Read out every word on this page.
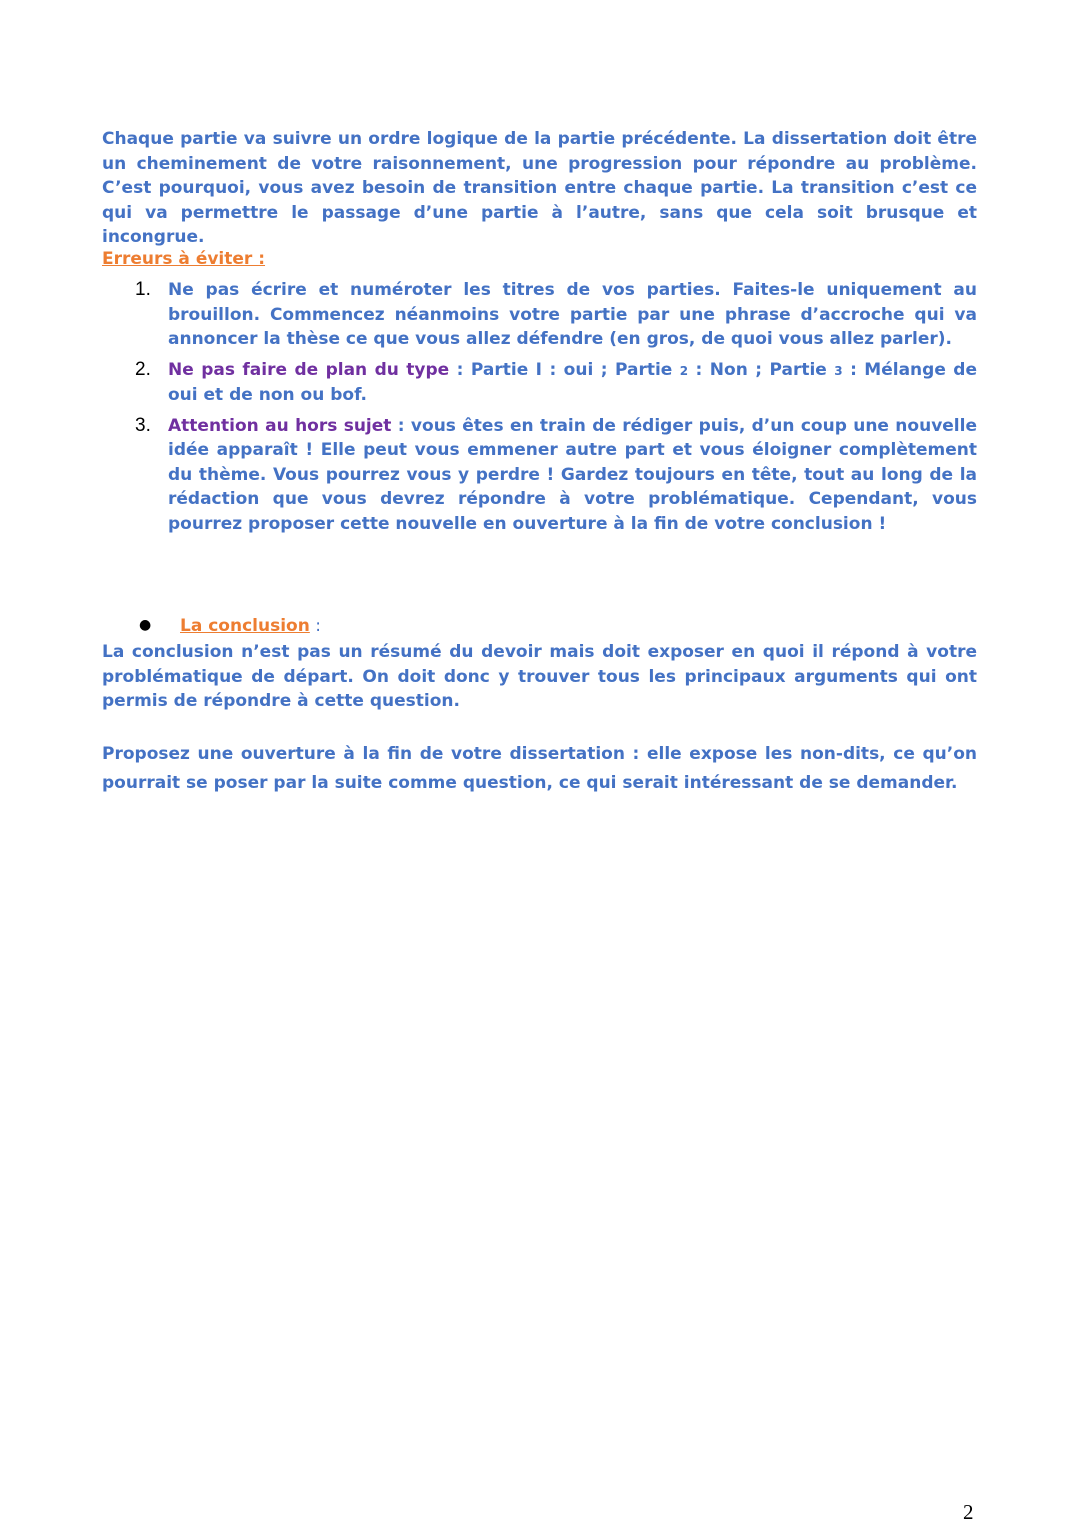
Chaque partie va suivre un ordre logique de la partie précédente. La dissertation doit être un cheminement de votre raisonnement, une progression pour répondre au problème. C’est pourquoi, vous avez besoin de transition entre chaque partie. La transition c’est ce qui va permettre le passage d’une partie à l’autre, sans que cela soit brusque et incongrue.

Erreurs à éviter :

1. Ne pas écrire et numéroter les titres de vos parties. Faites-le uniquement au brouillon. Commencez néanmoins votre partie par une phrase d’accroche qui va annoncer la thèse ce que vous allez défendre (en gros, de quoi vous allez parler).
2. Ne pas faire de plan du type : Partie I : oui ; Partie 2 : Non ; Partie 3 : Mélange de oui et de non ou bof.
3. Attention au hors sujet : vous êtes en train de rédiger puis, d’un coup une nouvelle idée apparaît ! Elle peut vous emmener autre part et vous éloigner complètement du thème. Vous pourrez vous y perdre ! Gardez toujours en tête, tout au long de la rédaction que vous devrez répondre à votre problématique. Cependant, vous pourrez proposer cette nouvelle en ouverture à la fin de votre conclusion !
● La conclusion :

La conclusion n’est pas un résumé du devoir mais doit exposer en quoi il répond à votre problématique de départ. On doit donc y trouver tous les principaux arguments qui ont permis de répondre à cette question.

Proposez une ouverture à la fin de votre dissertation : elle expose les non-dits, ce qu’on pourrait se poser par la suite comme question, ce qui serait intéressant de se demander.

2
